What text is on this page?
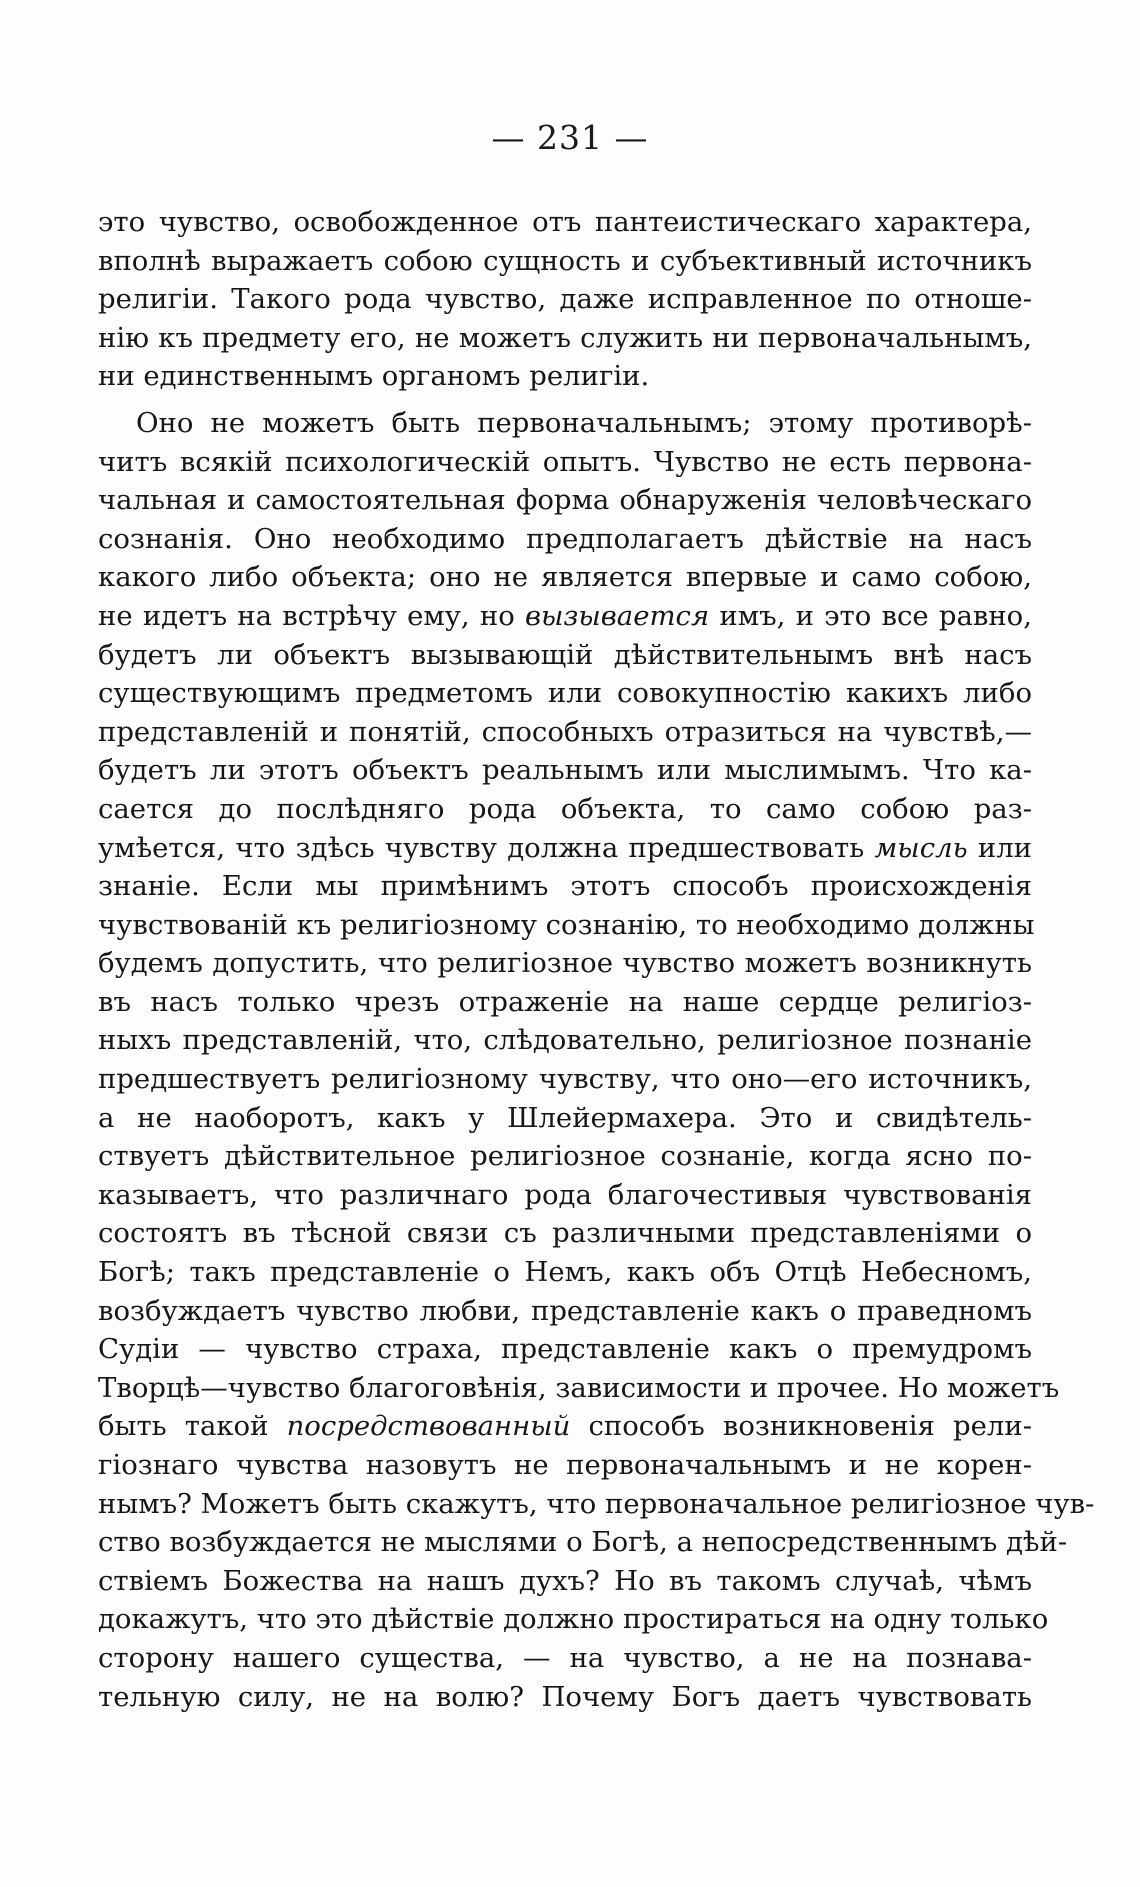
— 231 —
это чувство, освобожденное отъ пантеистическаго характера,
вполнѣ выражаетъ собою сущность и субъективный источникъ
религіи. Такого рода чувство, даже исправленное по отноше-
нію къ предмету его, не можетъ служить ни первоначальнымъ,
ни единственнымъ органомъ религіи.
Оно не можетъ быть первоначальнымъ; этому противорѣ-
читъ всякій психологическій опытъ. Чувство не есть первона-
чальная и самостоятельная форма обнаруженія человѣческаго
сознанія. Оно необходимо предполагаетъ дѣйствіе на насъ
какого либо объекта; оно не является впервые и само собою,
не идетъ на встрѣчу ему, но вызывается имъ, и это все равно,
будетъ ли объектъ вызывающій дѣйствительнымъ внѣ насъ
существующимъ предметомъ или совокупностію какихъ либо
представленій и понятій, способныхъ отразиться на чувствѣ,—
будетъ ли этотъ объектъ реальнымъ или мыслимымъ. Что ка-
сается до послѣдняго рода объекта, то само собою раз-
умѣется, что здѣсь чувству должна предшествовать мысль или
знаніе. Если мы примѣнимъ этотъ способъ происхожденія
чувствованій къ религіозному сознанію, то необходимо должны
будемъ допустить, что религіозное чувство можетъ возникнуть
въ насъ только чрезъ отраженіе на наше сердце религіоз-
ныхъ представленій, что, слѣдовательно, религіозное познаніе
предшествуетъ религіозному чувству, что оно—его источникъ,
а не наоборотъ, какъ у Шлейермахера. Это и свидѣтель-
ствуетъ дѣйствительное религіозное сознаніе, когда ясно по-
казываетъ, что различнаго рода благочестивыя чувствованія
состоятъ въ тѣсной связи съ различными представленіями о
Богѣ; такъ представленіе о Немъ, какъ объ Отцѣ Небесномъ,
возбуждаетъ чувство любви, представленіе какъ о праведномъ
Судіи — чувство страха, представленіе какъ о премудромъ
Творцѣ—чувство благоговѣнія, зависимости и прочее. Но можетъ
быть такой посредствованный способъ возникновенія рели-
гіознаго чувства назовутъ не первоначальнымъ и не корен-
нымъ? Можетъ быть скажутъ, что первоначальное религіозное чув-
ство возбуждается не мыслями о Богѣ, а непосредственнымъ дѣй-
ствіемъ Божества на нашъ духъ? Но въ такомъ случаѣ, чѣмъ
докажутъ, что это дѣйствіе должно простираться на одну только
сторону нашего существа, — на чувство, а не на познава-
тельную силу, не на волю? Почему Богъ даетъ чувствовать
